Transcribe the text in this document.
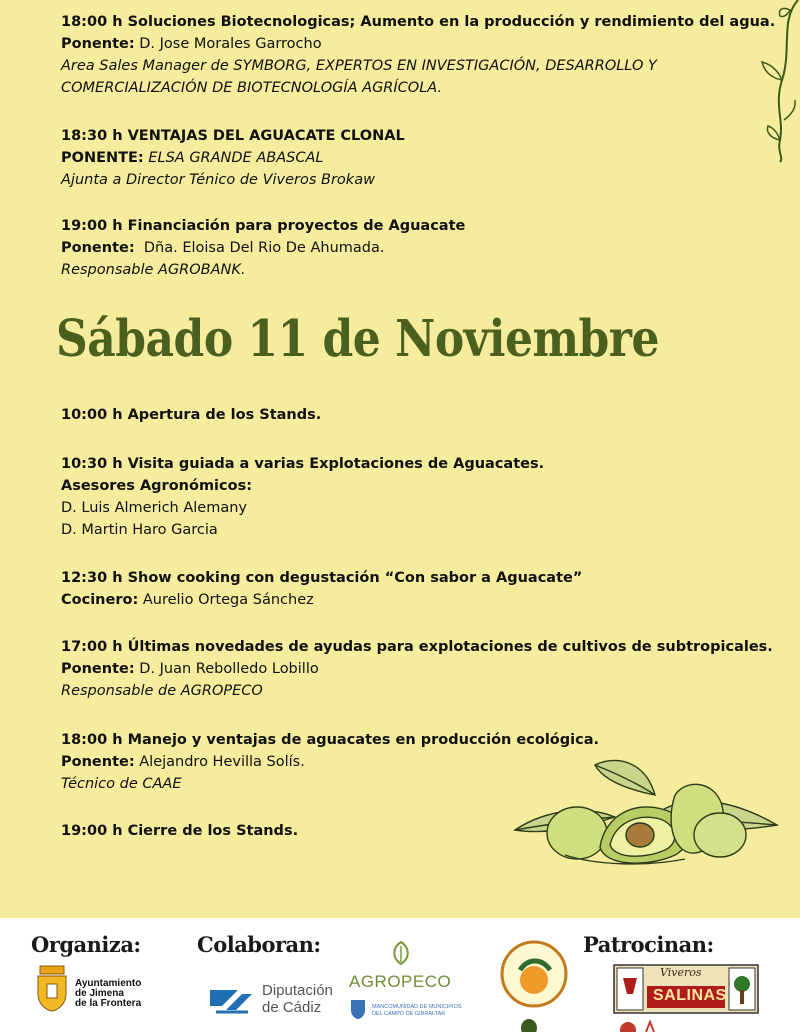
18:00 h Soluciones Biotecnologicas; Aumento en la producción y rendimiento del agua.
Ponente: D. Jose Morales Garrocho
Area Sales Manager de SYMBORG, EXPERTOS EN INVESTIGACIÓN, DESARROLLO Y
COMERCIALIZACIÓN DE BIOTECNOLOGÍA AGRÍCOLA.
18:30 h VENTAJAS DEL AGUACATE CLONAL
PONENTE: ELSA GRANDE ABASCAL
Ajunta a Director Ténico de Viveros Brokaw
19:00 h Financiación para proyectos de Aguacate
Ponente:  Dña. Eloisa Del Rio De Ahumada.
Responsable AGROBANK.
Sábado 11 de Noviembre
10:00 h Apertura de los Stands.
10:30 h Visita guiada a varias Explotaciones de Aguacates.
Asesores Agronómicos:
D. Luis Almerich Alemany
D. Martin Haro Garcia
12:30 h Show cooking con degustación “Con sabor a Aguacate”
Cocinero: Aurelio Ortega Sánchez
17:00 h Últimas novedades de ayudas para explotaciones de cultivos de subtropicales.
Ponente: D. Juan Rebolledo Lobillo
Responsable de AGROPECO
18:00 h Manejo y ventajas de aguacates en producción ecológica.
Ponente: Alejandro Hevilla Solís.
Técnico de CAAE
19:00 h Cierre de los Stands.
Organiza:	Colaboran:	Patrocinan:
Ayuntamiento
de Jimena
de la Frontera
Diputación
de Cádiz
AGROPECO
MANCOMUNIDAD DE MUNICIPIOS
DEL CAMPO DE GIBRALTAR
Viveros
SALINAS
